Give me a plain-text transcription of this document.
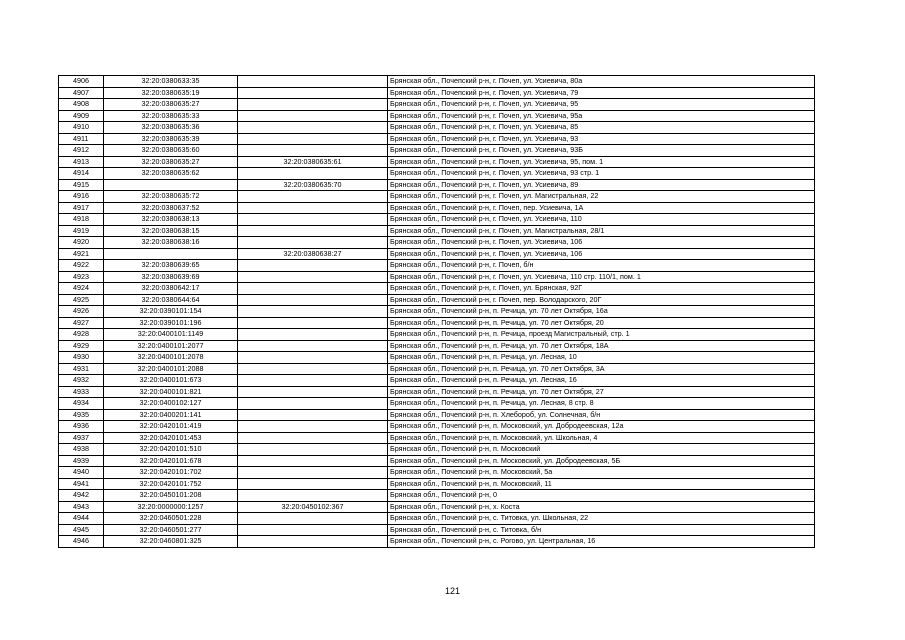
4906	32:20:0380633:35		Брянская обл., Почепский р-н, г. Почеп, ул. Усиевича, 80а
4907	32:20:0380635:19		Брянская обл., Почепский р-н, г. Почеп, ул. Усиевича, 79
4908	32:20:0380635:27		Брянская обл., Почепский р-н, г. Почеп, ул. Усиевича, 95
4909	32:20:0380635:33		Брянская обл., Почепский р-н, г. Почеп, ул. Усиевича, 95а
4910	32:20:0380635:36		Брянская обл., Почепский р-н, г. Почеп, ул. Усиевича, 85
4911	32:20:0380635:39		Брянская обл., Почепский р-н, г. Почеп, ул. Усиевича, 93
4912	32:20:0380635:60		Брянская обл., Почепский р-н, г. Почеп, ул. Усиевича, 93Б
4913	32:20:0380635:27	32:20:0380635:61	Брянская обл., Почепский р-н, г. Почеп, ул. Усиевича, 95, пом. 1
4914	32:20:0380635:62		Брянская обл., Почепский р-н, г. Почеп, ул. Усиевича, 93 стр. 1
4915		32:20:0380635:70	Брянская обл., Почепский р-н, г. Почеп, ул. Усиевича, 89
4916	32:20:0380635:72		Брянская обл., Почепский р-н, г. Почеп, ул. Магистральная, 22
4917	32:20:0380637:52		Брянская обл., Почепский р-н, г. Почеп, пер. Усиевича, 1А
4918	32:20:0380638:13		Брянская обл., Почепский р-н, г. Почеп, ул. Усиевича, 110
4919	32:20:0380638:15		Брянская обл., Почепский р-н, г. Почеп, ул. Магистральная, 28/1
4920	32:20:0380638:16		Брянская обл., Почепский р-н, г. Почеп, ул. Усиевича, 106
4921		32:20:0380638:27	Брянская обл., Почепский р-н, г. Почеп, ул. Усиевича, 106
4922	32:20:0380639:65		Брянская обл., Почепский р-н, г. Почеп, б/н
4923	32:20:0380639:69		Брянская обл., Почепский р-н, г. Почеп, ул. Усиевича, 110 стр. 110/1, пом. 1
4924	32:20:0380642:17		Брянская обл., Почепский р-н, г. Почеп, ул. Брянская, 92Г
4925	32:20:0380644:64		Брянская обл., Почепский р-н, г. Почеп, пер. Володарского, 20Г
4926	32:20:0390101:154		Брянская обл., Почепский р-н, п. Речица, ул. 70 лет Октября, 16а
4927	32:20:0390101:196		Брянская обл., Почепский р-н, п. Речица, ул. 70 лет Октября, 20
4928	32:20:0400101:1149		Брянская обл., Почепский р-н, п. Речица, проезд Магистральный, стр. 1
4929	32:20:0400101:2077		Брянская обл., Почепский р-н, п. Речица, ул. 70 лет Октября, 18А
4930	32:20:0400101:2078		Брянская обл., Почепский р-н, п. Речица, ул. Лесная, 10
4931	32:20:0400101:2088		Брянская обл., Почепский р-н, п. Речица, ул. 70 лет Октября, 3А
4932	32:20:0400101:673		Брянская обл., Почепский р-н, п. Речица, ул. Лесная, 16
4933	32:20:0400101:821		Брянская обл., Почепский р-н, п. Речица, ул. 70 лет Октября, 27
4934	32:20:0400102:127		Брянская обл., Почепский р-н, п. Речица, ул. Лесная, 8 стр. 8
4935	32:20:0400201:141		Брянская обл., Почепский р-н, п. Хлебороб, ул. Солнечная, б/н
4936	32:20:0420101:419		Брянская обл., Почепский р-н, п. Московский, ул. Добродеевская, 12а
4937	32:20:0420101:453		Брянская обл., Почепский р-н, п. Московский, ул. Школьная, 4
4938	32:20:0420101:510		Брянская обл., Почепский р-н, п. Московский
4939	32:20:0420101:678		Брянская обл., Почепский р-н, п. Московский, ул. Добродеевская, 5Б
4940	32:20:0420101:702		Брянская обл., Почепский р-н, п. Московский, 5а
4941	32:20:0420101:752		Брянская обл., Почепский р-н, п. Московский, 11
4942	32:20:0450101:208		Брянская обл., Почепский р-н, 0
4943	32:20:0000000:1257	32:20:0450102:367	Брянская обл., Почепский р-н, х. Коста
4944	32:20:0460501:228		Брянская обл., Почепский р-н, с. Титовка, ул. Школьная, 22
4945	32:20:0460501:277		Брянская обл., Почепский р-н, с. Титовка, б/н
4946	32:20:0460801:325		Брянская обл., Почепский р-н, с. Рогово, ул. Центральная, 16
121
